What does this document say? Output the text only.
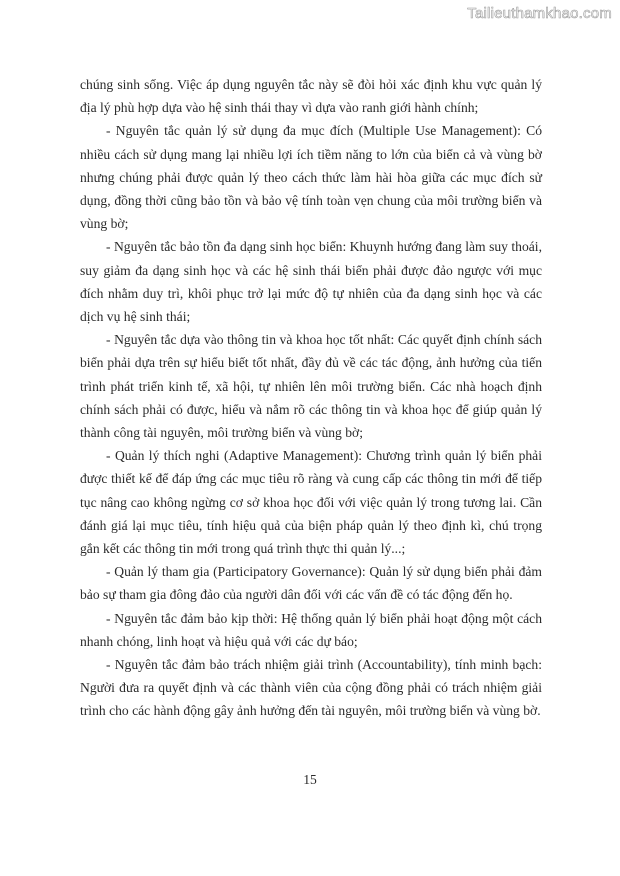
Tailieuthamkhao.com

chúng sinh sống. Việc áp dụng nguyên tắc này sẽ đòi hỏi xác định khu vực quản lý địa lý phù hợp dựa vào hệ sinh thái thay vì dựa vào ranh giới hành chính;

- Nguyên tắc quản lý sử dụng đa mục đích (Multiple Use Management): Có nhiều cách sử dụng mang lại nhiều lợi ích tiềm năng to lớn của biển cả và vùng bờ nhưng chúng phải được quản lý theo cách thức làm hài hòa giữa các mục đích sử dụng, đồng thời cũng bảo tồn và bảo vệ tính toàn vẹn chung của môi trường biển và vùng bờ;

- Nguyên tắc bảo tồn đa dạng sinh học biển: Khuynh hướng đang làm suy thoái, suy giảm đa dạng sinh học và các hệ sinh thái biển phải được đảo ngược với mục đích nhằm duy trì, khôi phục trở lại mức độ tự nhiên của đa dạng sinh học và các dịch vụ hệ sinh thái;

- Nguyên tắc dựa vào thông tin và khoa học tốt nhất: Các quyết định chính sách biển phải dựa trên sự hiểu biết tốt nhất, đầy đủ về các tác động, ảnh hưởng của tiến trình phát triển kinh tế, xã hội, tự nhiên lên môi trường biển. Các nhà hoạch định chính sách phải có được, hiểu và nắm rõ các thông tin và khoa học để giúp quản lý thành công tài nguyên, môi trường biển và vùng bờ;

- Quản lý thích nghi (Adaptive Management): Chương trình quản lý biển phải được thiết kế để đáp ứng các mục tiêu rõ ràng và cung cấp các thông tin mới để tiếp tục nâng cao không ngừng cơ sở khoa học đối với việc quản lý trong tương lai. Cần đánh giá lại mục tiêu, tính hiệu quả của biện pháp quản lý theo định kì, chú trọng gắn kết các thông tin mới trong quá trình thực thi quản lý...;

- Quản lý tham gia (Participatory Governance): Quản lý sử dụng biển phải đảm bảo sự tham gia đông đảo của người dân đối với các vấn đề có tác động đến họ.

- Nguyên tắc đảm bảo kịp thời: Hệ thống quản lý biển phải hoạt động một cách nhanh chóng, linh hoạt và hiệu quả với các dự báo;

- Nguyên tắc đảm bảo trách nhiệm giải trình (Accountability), tính minh bạch: Người đưa ra quyết định và các thành viên của cộng đồng phải có trách nhiệm giải trình cho các hành động gây ảnh hưởng đến tài nguyên, môi trường biển và vùng bờ.

15
